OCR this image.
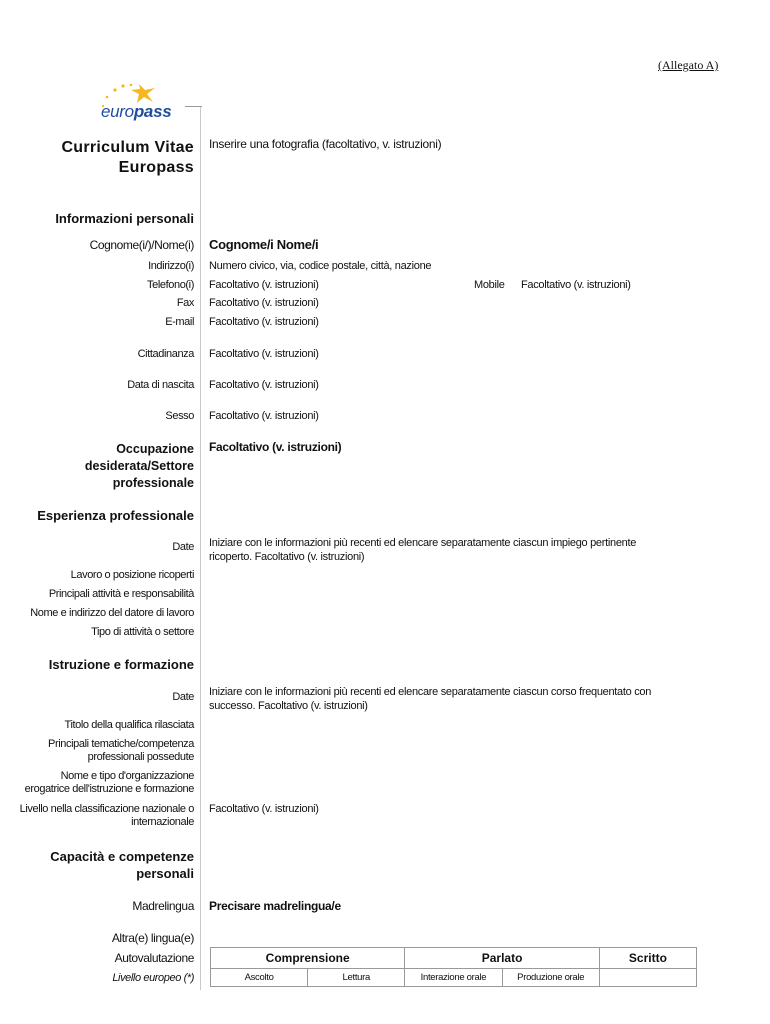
(Allegato A)
europass
Curriculum Vitae
Europass
Inserire una fotografia (facoltativo, v. istruzioni)
Informazioni personali
Cognome(i/)/Nome(i) Cognome/i Nome/i
Indirizzo(i) Numero civico, via, codice postale, città, nazione
Telefono(i) Facoltativo (v. istruzioni)	Mobile Facoltativo (v. istruzioni)
Fax Facoltativo (v. istruzioni)
E-mail Facoltativo (v. istruzioni)
Cittadinanza Facoltativo (v. istruzioni)
Data di nascita Facoltativo (v. istruzioni)
Sesso Facoltativo (v. istruzioni)
Occupazione
desiderata/Settore
professionale
Facoltativo (v. istruzioni)
Esperienza professionale
Date Iniziare con le informazioni più recenti ed elencare separatamente ciascun impiego pertinente ricoperto. Facoltativo (v. istruzioni)
Lavoro o posizione ricoperti
Principali attività e responsabilità
Nome e indirizzo del datore di lavoro
Tipo di attività o settore
Istruzione e formazione
Date Iniziare con le informazioni più recenti ed elencare separatamente ciascun corso frequentato con successo. Facoltativo (v. istruzioni)
Titolo della qualifica rilasciata
Principali tematiche/competenza
professionali possedute
Nome e tipo d'organizzazione
erogatrice dell'istruzione e formazione
Livello nella classificazione nazionale o
internazionale
Facoltativo (v. istruzioni)
Capacità e competenze
personali
Madrelingua Precisare madrelingua/e
Altra(e) lingua(e)
Autovalutazione
Livello europeo (*)
Comprensione		Parlato		Scritto
Ascolto	Lettura	Interazione orale	Produzione orale	
